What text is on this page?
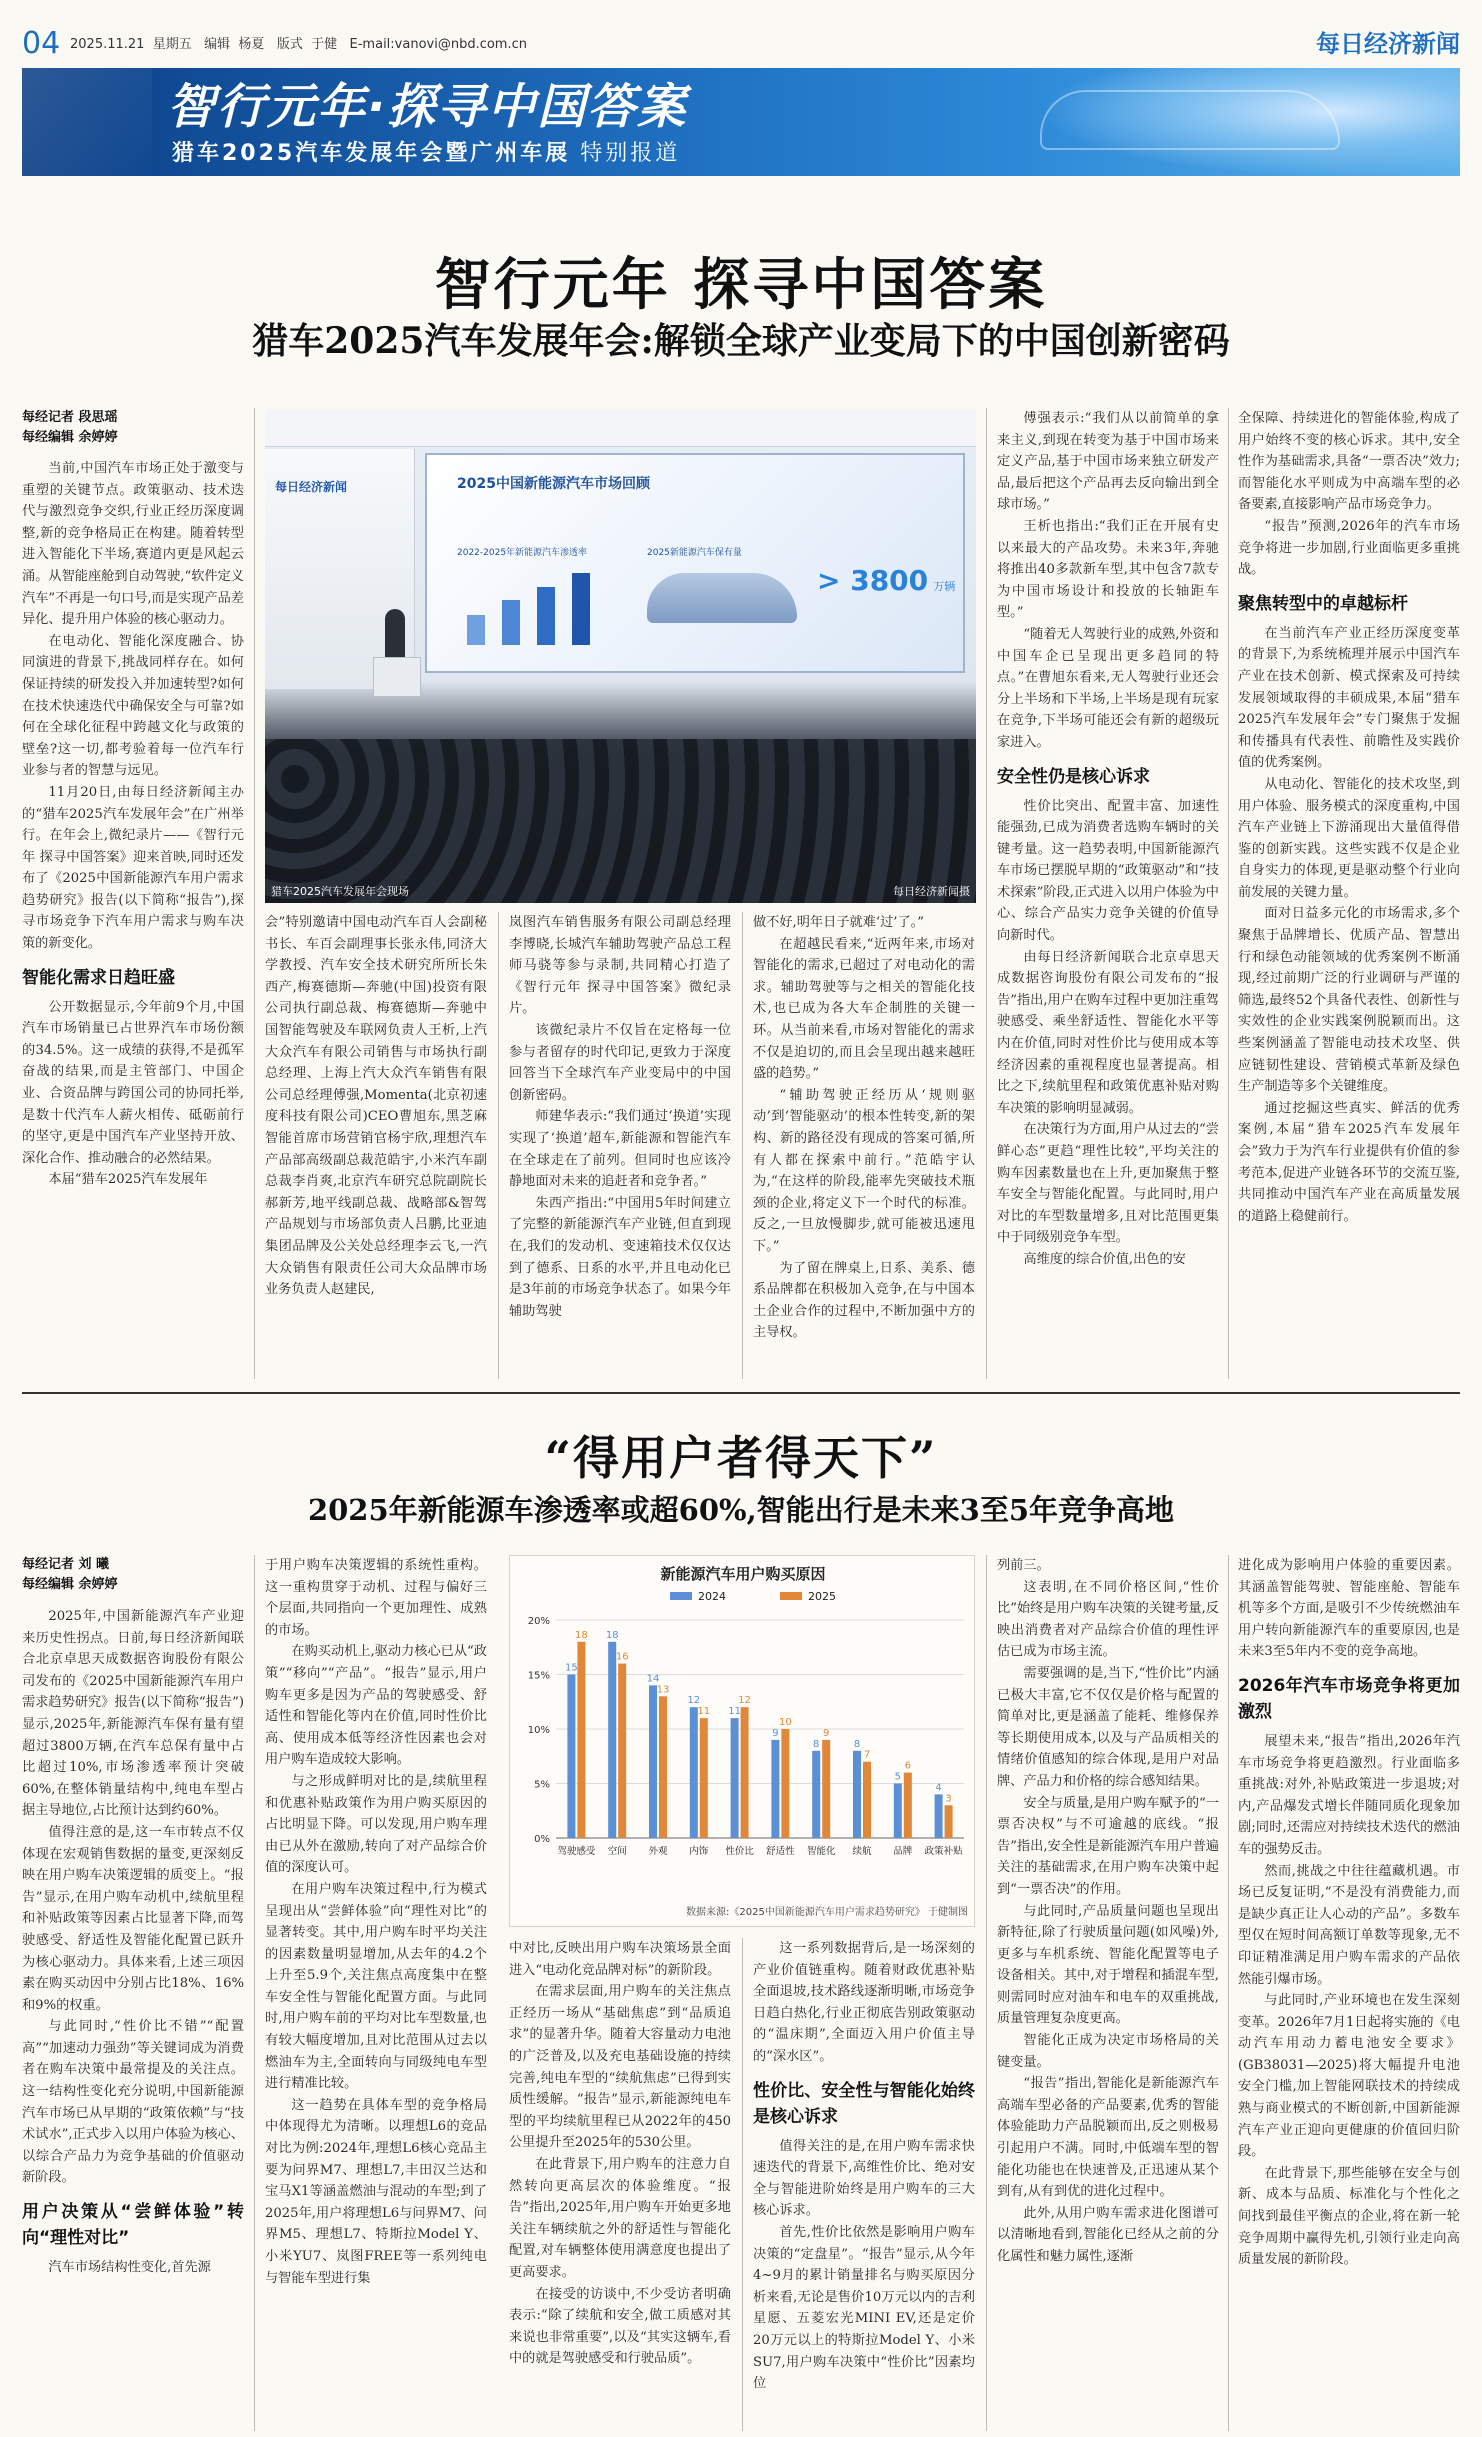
04 2025.11.21 星期五 编辑 杨夏 版式 于健 E-mail:vanovi@nbd.com.cn	每日经济新闻
智行元年·探寻中国答案
猎车2025汽车发展年会暨广州车展 特别报道
智行元年 探寻中国答案
猎车2025汽车发展年会:解锁全球产业变局下的中国创新密码
每经记者 段思瑶
每经编辑 余婷婷
2025中国新能源汽车市场回顾
2022-2025年新能源汽车渗透率	2025新能源汽车保有量
> 3800 万辆
每日经济新闻
猎车2025汽车发展年会现场	每日经济新闻摄

当前,中国汽车市场正处于激变与重塑的关键节点。政策驱动、技术迭代与激烈竞争交织,行业正经历深度调整,新的竞争格局正在构建。随着转型进入智能化下半场,赛道内更是风起云涌。从智能座舱到自动驾驶,“软件定义汽车”不再是一句口号,而是实现产品差异化、提升用户体验的核心驱动力。

在电动化、智能化深度融合、协同演进的背景下,挑战同样存在。如何保证持续的研发投入并加速转型?如何在技术快速迭代中确保安全与可靠?如何在全球化征程中跨越文化与政策的壁垒?这一切,都考验着每一位汽车行业参与者的智慧与远见。

11月20日,由每日经济新闻主办的“猎车2025汽车发展年会”在广州举行。在年会上,微纪录片——《智行元年 探寻中国答案》迎来首映,同时还发布了《2025中国新能源汽车用户需求趋势研究》报告(以下简称“报告”),探寻市场竞争下汽车用户需求与购车决策的新变化。

智能化需求日趋旺盛

公开数据显示,今年前9个月,中国汽车市场销量已占世界汽车市场份额的34.5%。这一成绩的获得,不是孤军奋战的结果,而是主管部门、中国企业、合资品牌与跨国公司的协同托举,是数十代汽车人薪火相传、砥砺前行的坚守,更是中国汽车产业坚持开放、深化合作、推动融合的必然结果。

本届“猎车2025汽车发展年

会”特别邀请中国电动汽车百人会副秘书长、车百会副理事长张永伟,同济大学教授、汽车安全技术研究所所长朱西产,梅赛德斯—奔驰(中国)投资有限公司执行副总裁、梅赛德斯—奔驰中国智能驾驶及车联网负责人王析,上汽大众汽车有限公司销售与市场执行副总经理、上海上汽大众汽车销售有限公司总经理傅强,Momenta(北京初速度科技有限公司)CEO曹旭东,黑芝麻智能首席市场营销官杨宇欣,理想汽车产品部高级副总裁范皓宇,小米汽车副总裁李肖爽,北京汽车研究总院副院长郝新芳,地平线副总裁、战略部&智驾产品规划与市场部负责人吕鹏,比亚迪集团品牌及公关处总经理李云飞,一汽大众销售有限责任公司大众品牌市场业务负责人赵建民,

岚图汽车销售服务有限公司副总经理李博晓,长城汽车辅助驾驶产品总工程师马骁等参与录制,共同精心打造了《智行元年 探寻中国答案》微纪录片。

该微纪录片不仅旨在定格每一位参与者留存的时代印记,更致力于深度回答当下全球汽车产业变局中的中国创新密码。

师建华表示:“我们通过‘换道’实现实现了‘换道’超车,新能源和智能汽车在全球走在了前列。但同时也应该冷静地面对未来的追赶者和竞争者。”

朱西产指出:“中国用5年时间建立了完整的新能源汽车产业链,但直到现在,我们的发动机、变速箱技术仅仅达到了德系、日系的水平,并且电动化已是3年前的市场竞争状态了。如果今年辅助驾驶

做不好,明年日子就难‘过’了。”

在超越民看来,“近两年来,市场对智能化的需求,已超过了对电动化的需求。辅助驾驶等与之相关的智能化技术,也已成为各大车企制胜的关键一环。从当前来看,市场对智能化的需求不仅是迫切的,而且会呈现出越来越旺盛的趋势。”

“辅助驾驶正经历从‘规则驱动’到‘智能驱动’的根本性转变,新的架构、新的路径没有现成的答案可循,所有人都在探索中前行。”范皓宇认为,“在这样的阶段,能率先突破技术瓶颈的企业,将定义下一个时代的标准。反之,一旦放慢脚步,就可能被迅速甩下。”

为了留在牌桌上,日系、美系、德系品牌都在积极加入竞争,在与中国本土企业合作的过程中,不断加强中方的主导权。

傅强表示:“我们从以前简单的拿来主义,到现在转变为基于中国市场来定义产品,基于中国市场来独立研发产品,最后把这个产品再去反向输出到全球市场。”

王析也指出:“我们正在开展有史以来最大的产品攻势。未来3年,奔驰将推出40多款新车型,其中包含7款专为中国市场设计和投放的长轴距车型。”

“随着无人驾驶行业的成熟,外资和中国车企已呈现出更多趋同的特点。”在曹旭东看来,无人驾驶行业还会分上半场和下半场,上半场是现有玩家在竞争,下半场可能还会有新的超级玩家进入。

安全性仍是核心诉求

性价比突出、配置丰富、加速性能强劲,已成为消费者选购车辆时的关键考量。这一趋势表明,中国新能源汽车市场已摆脱早期的“政策驱动”和“技术探索”阶段,正式进入以用户体验为中心、综合产品实力竞争关键的价值导向新时代。

由每日经济新闻联合北京卓思天成数据咨询股份有限公司发布的“报告”指出,用户在购车过程中更加注重驾驶感受、乘坐舒适性、智能化水平等内在价值,同时对性价比与使用成本等经济因素的重视程度也显著提高。相比之下,续航里程和政策优惠补贴对购车决策的影响明显减弱。

在决策行为方面,用户从过去的“尝鲜心态”更趋“理性比较”,平均关注的购车因素数量也在上升,更加聚焦于整车安全与智能化配置。与此同时,用户对比的车型数量增多,且对比范围更集中于同级别竞争车型。

高维度的综合价值,出色的安

全保障、持续进化的智能体验,构成了用户始终不变的核心诉求。其中,安全性作为基础需求,具备“一票否决”效力;而智能化水平则成为中高端车型的必备要素,直接影响产品市场竞争力。

“报告”预测,2026年的汽车市场竞争将进一步加剧,行业面临更多重挑战。

聚焦转型中的卓越标杆

在当前汽车产业正经历深度变革的背景下,为系统梳理并展示中国汽车产业在技术创新、模式探索及可持续发展领域取得的丰硕成果,本届“猎车2025汽车发展年会”专门聚焦于发掘和传播具有代表性、前瞻性及实践价值的优秀案例。

从电动化、智能化的技术攻坚,到用户体验、服务模式的深度重构,中国汽车产业链上下游涌现出大量值得借鉴的创新实践。这些实践不仅是企业自身实力的体现,更是驱动整个行业向前发展的关键力量。

面对日益多元化的市场需求,多个聚焦于品牌增长、优质产品、智慧出行和绿色动能领域的优秀案例不断涌现,经过前期广泛的行业调研与严谨的筛选,最终52个具备代表性、创新性与实效性的企业实践案例脱颖而出。这些案例涵盖了智能电动技术攻坚、供应链韧性建设、营销模式革新及绿色生产制造等多个关键维度。

通过挖掘这些真实、鲜活的优秀案例,本届“猎车2025汽车发展年会”致力于为汽车行业提供有价值的参考范本,促进产业链各环节的交流互鉴,共同推动中国汽车产业在高质量发展的道路上稳健前行。

“得用户者得天下”
2025年新能源车渗透率或超60%,智能出行是未来3至5年竞争高地
每经记者 刘 曦
每经编辑 余婷婷

2025年,中国新能源汽车产业迎来历史性拐点。日前,每日经济新闻联合北京卓思天成数据咨询股份有限公司发布的《2025中国新能源汽车用户需求趋势研究》报告(以下简称“报告”)显示,2025年,新能源汽车保有量有望超过3800万辆,在汽车总保有量中占比超过10%,市场渗透率预计突破60%,在整体销量结构中,纯电车型占据主导地位,占比预计达到约60%。

值得注意的是,这一车市转点不仅体现在宏观销售数据的量变,更深刻反映在用户购车决策逻辑的质变上。“报告”显示,在用户购车动机中,续航里程和补贴政策等因素占比显著下降,而驾驶感受、舒适性及智能化配置已跃升为核心驱动力。具体来看,上述三项因素在购买动因中分别占比18%、16%和9%的权重。

与此同时,“性价比不错”“配置高”“加速动力强劲”等关键词成为消费者在购车决策中最常提及的关注点。这一结构性变化充分说明,中国新能源汽车市场已从早期的“政策依赖”与“技术试水”,正式步入以用户体验为核心、以综合产品力为竞争基础的价值驱动新阶段。

用户决策从“尝鲜体验”转向“理性对比”

汽车市场结构性变化,首先源

于用户购车决策逻辑的系统性重构。这一重构贯穿于动机、过程与偏好三个层面,共同指向一个更加理性、成熟的市场。

在购买动机上,驱动力核心已从“政策”“移向”“产品”。“报告”显示,用户购车更多是因为产品的驾驶感受、舒适性和智能化等内在价值,同时性价比高、使用成本低等经济性因素也会对用户购车造成较大影响。

与之形成鲜明对比的是,续航里程和优惠补贴政策作为用户购买原因的占比明显下降。可以发现,用户购车理由已从外在激励,转向了对产品综合价值的深度认可。

在用户购车决策过程中,行为模式呈现出从“尝鲜体验”向“理性对比”的显著转变。其中,用户购车时平均关注的因素数量明显增加,从去年的4.2个上升至5.9个,关注焦点高度集中在整车安全性与智能化配置方面。与此同时,用户购车前的平均对比车型数量,也有较大幅度增加,且对比范围从过去以燃油车为主,全面转向与同级纯电车型进行精准比较。

这一趋势在具体车型的竞争格局中体现得尤为清晰。以理想L6的竞品对比为例:2024年,理想L6核心竞品主要为问界M7、理想L7,丰田汉兰达和宝马X1等涵盖燃油与混动的车型;到了2025年,用户将理想L6与问界M7、问界M5、理想L7、特斯拉Model Y、小米YU7、岚图FREE等一系列纯电与智能车型进行集

新能源汽车用户购买原因
2024	2025
0%
5%
10%
15%
20%
15
18
驾驶感受
18
16
空间
14
13
外观
12
11
内饰
11
12
性价比
9
10
舒适性
8
9
智能化
8
7
续航
5
6
品牌
4
3
政策补贴
数据来源:《2025中国新能源汽车用户需求趋势研究》 于健制图

中对比,反映出用户购车决策场景全面进入“电动化竞品牌对标”的新阶段。

在需求层面,用户购车的关注焦点正经历一场从“基础焦虑”到“品质追求”的显著升华。随着大容量动力电池的广泛普及,以及充电基础设施的持续完善,纯电车型的“续航焦虑”已得到实质性缓解。“报告”显示,新能源纯电车型的平均续航里程已从2022年的450公里提升至2025年的530公里。

在此背景下,用户购车的注意力自然转向更高层次的体验维度。“报告”指出,2025年,用户购车开始更多地关注车辆续航之外的舒适性与智能化配置,对车辆整体使用满意度也提出了更高要求。

在接受的访谈中,不少受访者明确表示:“除了续航和安全,做工质感对其来说也非常重要”,以及“其实这辆车,看中的就是驾驶感受和行驶品质”。

这一系列数据背后,是一场深刻的产业价值链重构。随着财政优惠补贴全面退坡,技术路线逐渐明晰,市场竞争日趋白热化,行业正彻底告别政策驱动的“温床期”,全面迈入用户价值主导的“深水区”。

性价比、安全性与智能化始终是核心诉求

值得关注的是,在用户购车需求快速迭代的背景下,高维性价比、绝对安全与智能进阶始终是用户购车的三大核心诉求。

首先,性价比依然是影响用户购车决策的“定盘星”。“报告”显示,从今年4~9月的累计销量排名与购买原因分析来看,无论是售价10万元以内的吉利星愿、五菱宏光MINI EV,还是定价20万元以上的特斯拉Model Y、小米SU7,用户购车决策中“性价比”因素均位

列前三。

这表明,在不同价格区间,“性价比”始终是用户购车决策的关键考量,反映出消费者对产品综合价值的理性评估已成为市场主流。

需要强调的是,当下,“性价比”内涵已极大丰富,它不仅仅是价格与配置的简单对比,更是涵盖了能耗、维修保养等长期使用成本,以及与产品质相关的情绪价值感知的综合体现,是用户对品牌、产品力和价格的综合感知结果。

安全与质量,是用户购车赋予的“一票否决权”与不可逾越的底线。“报告”指出,安全性是新能源汽车用户普遍关注的基础需求,在用户购车决策中起到“一票否决”的作用。

与此同时,产品质量问题也呈现出新特征,除了行驶质量问题(如风噪)外,更多与车机系统、智能化配置等电子设备相关。其中,对于增程和插混车型,则需同时应对油车和电车的双重挑战,质量管理复杂度更高。

智能化正成为决定市场格局的关键变量。

“报告”指出,智能化是新能源汽车高端车型必备的产品要素,优秀的智能体验能助力产品脱颖而出,反之则极易引起用户不满。同时,中低端车型的智能化功能也在快速普及,正迅速从某个到有,从有到优的进化过程中。

此外,从用户购车需求进化图谱可以清晰地看到,智能化已经从之前的分化属性和魅力属性,逐渐

进化成为影响用户体验的重要因素。其涵盖智能驾驶、智能座舱、智能车机等多个方面,是吸引不少传统燃油车用户转向新能源汽车的重要原因,也是未来3至5年内不变的竞争高地。

2026年汽车市场竞争将更加激烈

展望未来,“报告”指出,2026年汽车市场竞争将更趋激烈。行业面临多重挑战:对外,补贴政策进一步退坡;对内,产品爆发式增长伴随同质化现象加剧;同时,还需应对持续技术迭代的燃油车的强势反击。

然而,挑战之中往往蕴藏机遇。市场已反复证明,“不是没有消费能力,而是缺少真正让人心动的产品”。多数车型仅在短时间高额订单数等现象,无不印证精准满足用户购车需求的产品依然能引爆市场。

与此同时,产业环境也在发生深刻变革。2026年7月1日起将实施的《电动汽车用动力蓄电池安全要求》(GB38031—2025)将大幅提升电池安全门槛,加上智能网联技术的持续成熟与商业模式的不断创新,中国新能源汽车产业正迎向更健康的价值回归阶段。

在此背景下,那些能够在安全与创新、成本与品质、标准化与个性化之间找到最佳平衡点的企业,将在新一轮竞争周期中赢得先机,引领行业走向高质量发展的新阶段。
